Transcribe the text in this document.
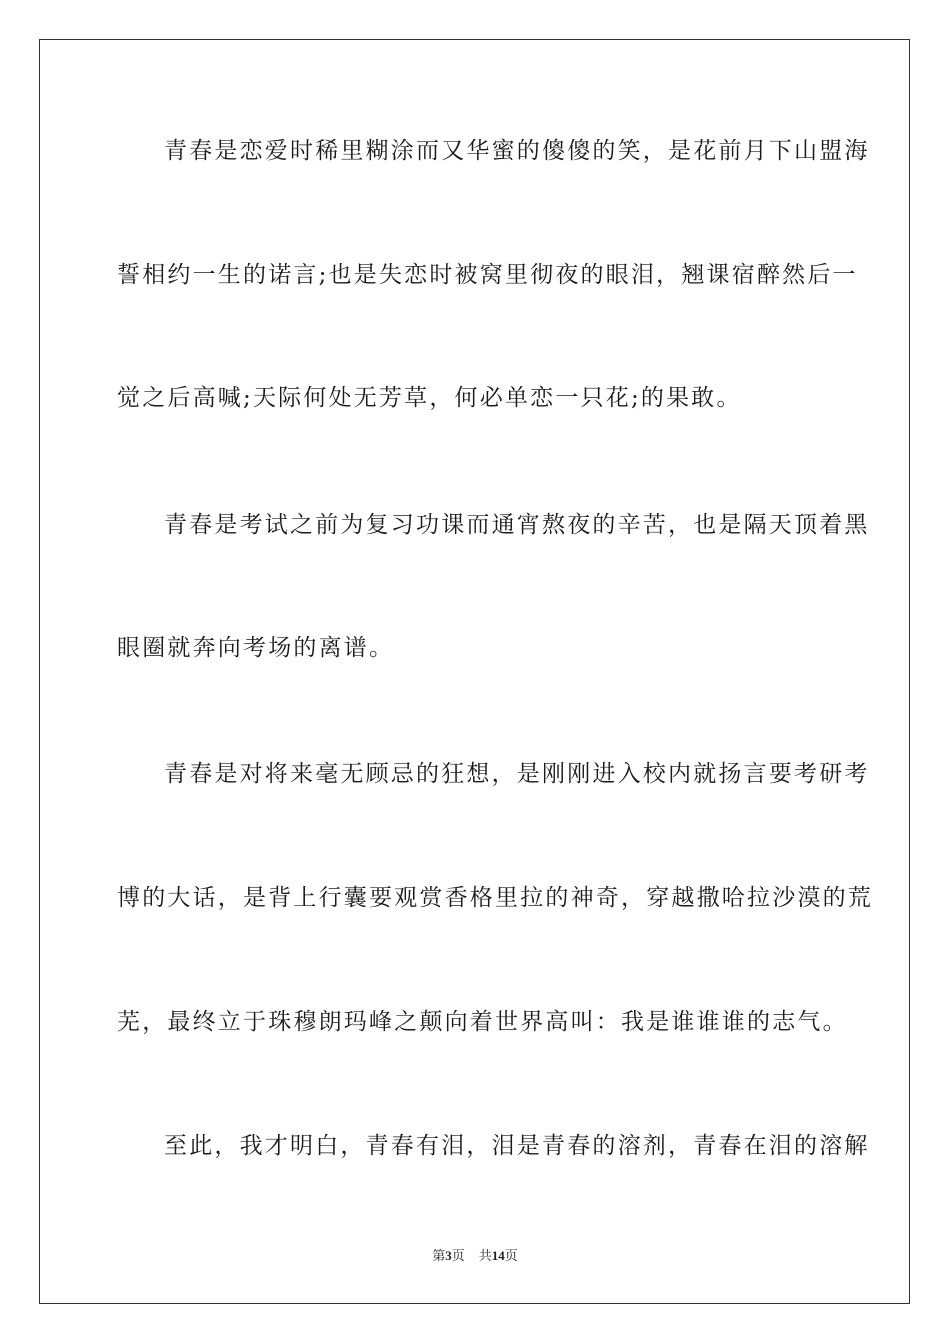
青春是恋爱时稀里糊涂而又华蜜的傻傻的笑，是花前月下山盟海
誓相约一生的诺言;也是失恋时被窝里彻夜的眼泪，翘课宿醉然后一
觉之后高喊;天际何处无芳草，何必单恋一只花;的果敢。
青春是考试之前为复习功课而通宵熬夜的辛苦，也是隔天顶着黑
眼圈就奔向考场的离谱。
青春是对将来毫无顾忌的狂想，是刚刚进入校内就扬言要考研考
博的大话，是背上行囊要观赏香格里拉的神奇，穿越撒哈拉沙漠的荒
芜，最终立于珠穆朗玛峰之颠向着世界高叫：我是谁谁谁的志气。
至此，我才明白，青春有泪，泪是青春的溶剂，青春在泪的溶解
第3页 共14页
